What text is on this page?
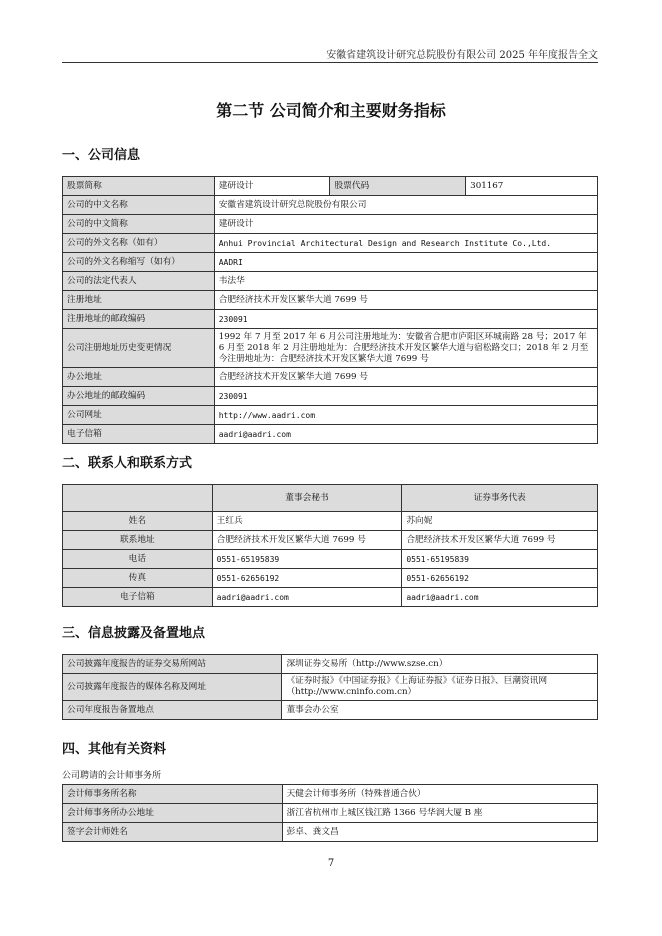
安徽省建筑设计研究总院股份有限公司 2025 年年度报告全文
第二节 公司简介和主要财务指标
一、公司信息
股票简称	建研设计	股票代码	301167
公司的中文名称	安徽省建筑设计研究总院股份有限公司		
公司的中文简称	建研设计		
公司的外文名称（如有）	Anhui Provincial Architectural Design and Research Institute Co.,Ltd.		
公司的外文名称缩写（如有）	AADRI		
公司的法定代表人	韦法华		
注册地址	合肥经济技术开发区繁华大道 7699 号		
注册地址的邮政编码	230091		
公司注册地址历史变更情况	1992 年 7 月至 2017 年 6 月公司注册地址为：安徽省合肥市庐阳区环城南路 28 号；2017 年 6 月至 2018 年 2 月注册地址为：合肥经济技术开发区繁华大道与宿松路交口；2018 年 2 月至今注册地址为：合肥经济技术开发区繁华大道 7699 号		
办公地址	合肥经济技术开发区繁华大道 7699 号		
办公地址的邮政编码	230091		
公司网址	http://www.aadri.com		
电子信箱	aadri@aadri.com		
二、联系人和联系方式
	董事会秘书	证券事务代表
姓名	王红兵	苏向妮
联系地址	合肥经济技术开发区繁华大道 7699 号	合肥经济技术开发区繁华大道 7699 号
电话	0551-65195839	0551-65195839
传真	0551-62656192	0551-62656192
电子信箱	aadri@aadri.com	aadri@aadri.com
三、信息披露及备置地点
公司披露年度报告的证券交易所网站	深圳证券交易所（http://www.szse.cn）
公司披露年度报告的媒体名称及网址	《证券时报》《中国证券报》《上海证券报》《证券日报》、巨潮资讯网（http://www.cninfo.com.cn）
公司年度报告备置地点	董事会办公室
四、其他有关资料
公司聘请的会计师事务所
会计师事务所名称	天健会计师事务所（特殊普通合伙）
会计师事务所办公地址	浙江省杭州市上城区钱江路 1366 号华润大厦 B 座
签字会计师姓名	彭卓、龚文昌
7
